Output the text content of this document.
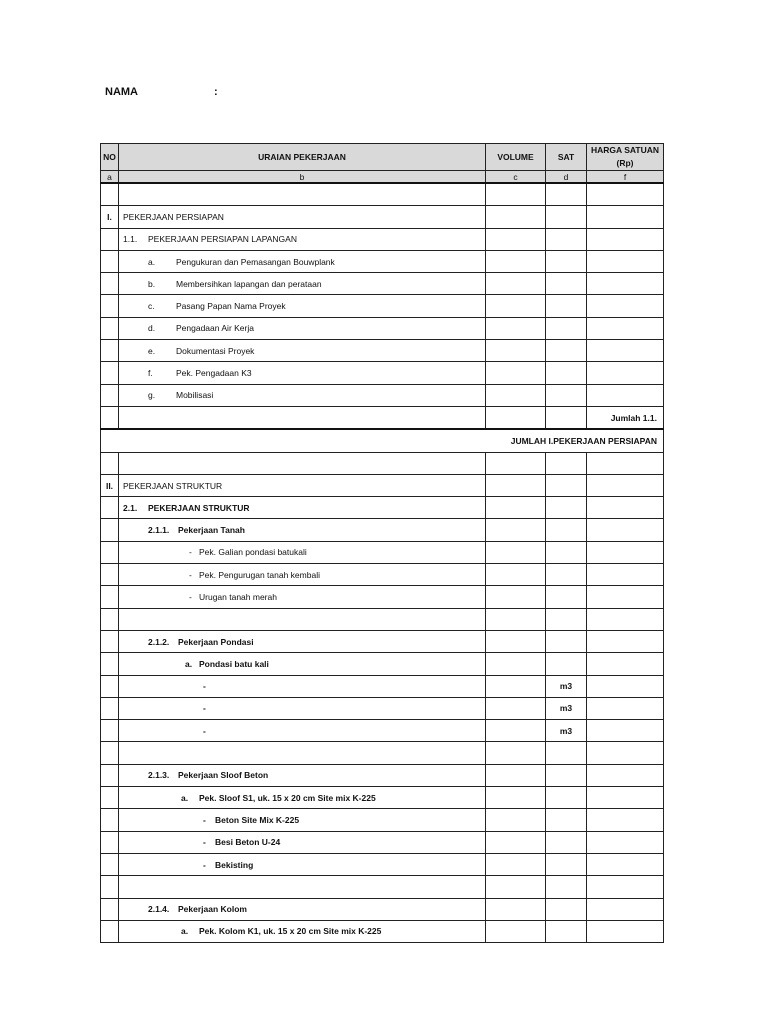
NAMA	:
NO	URAIAN PEKERJAAN	VOLUME	SAT	HARGA SATUAN
(Rp)

a	b	c	d	f

I.	PEKERJAAN PERSIAPAN			

	1.1. PEKERJAAN PERSIAPAN LAPANGAN			

	a. Pengukuran dan Pemasangan Bouwplank			

	b. Membersihkan lapangan dan perataan			

	c. Pasang Papan Nama Proyek			

	d. Pengadaan Air Kerja			

	e. Dokumentasi Proyek			

	f. Pek. Pengadaan K3			

	g. Mobilisasi			

				Jumlah 1.1.
JUMLAH I.PEKERJAAN PERSIAPAN				

II.	PEKERJAAN STRUKTUR			

	2.1. PEKERJAAN STRUKTUR			

	2.1.1. Pekerjaan Tanah			

	- Pek. Galian pondasi batukali			

	- Pek. Pengurugan tanah kembali			

	- Urugan tanah merah			

	2.1.2. Pekerjaan Pondasi			

	a. Pondasi batu kali			

	-		m3	

	-		m3	

	-		m3	

	2.1.3. Pekerjaan Sloof Beton			

	a. Pek. Sloof S1, uk. 15 x 20 cm Site mix K-225			

	- Beton Site Mix K-225			

	- Besi Beton U-24			

	- Bekisting			

	2.1.4. Pekerjaan Kolom			

	a. Pek. Kolom K1, uk. 15 x 20 cm Site mix K-225			
